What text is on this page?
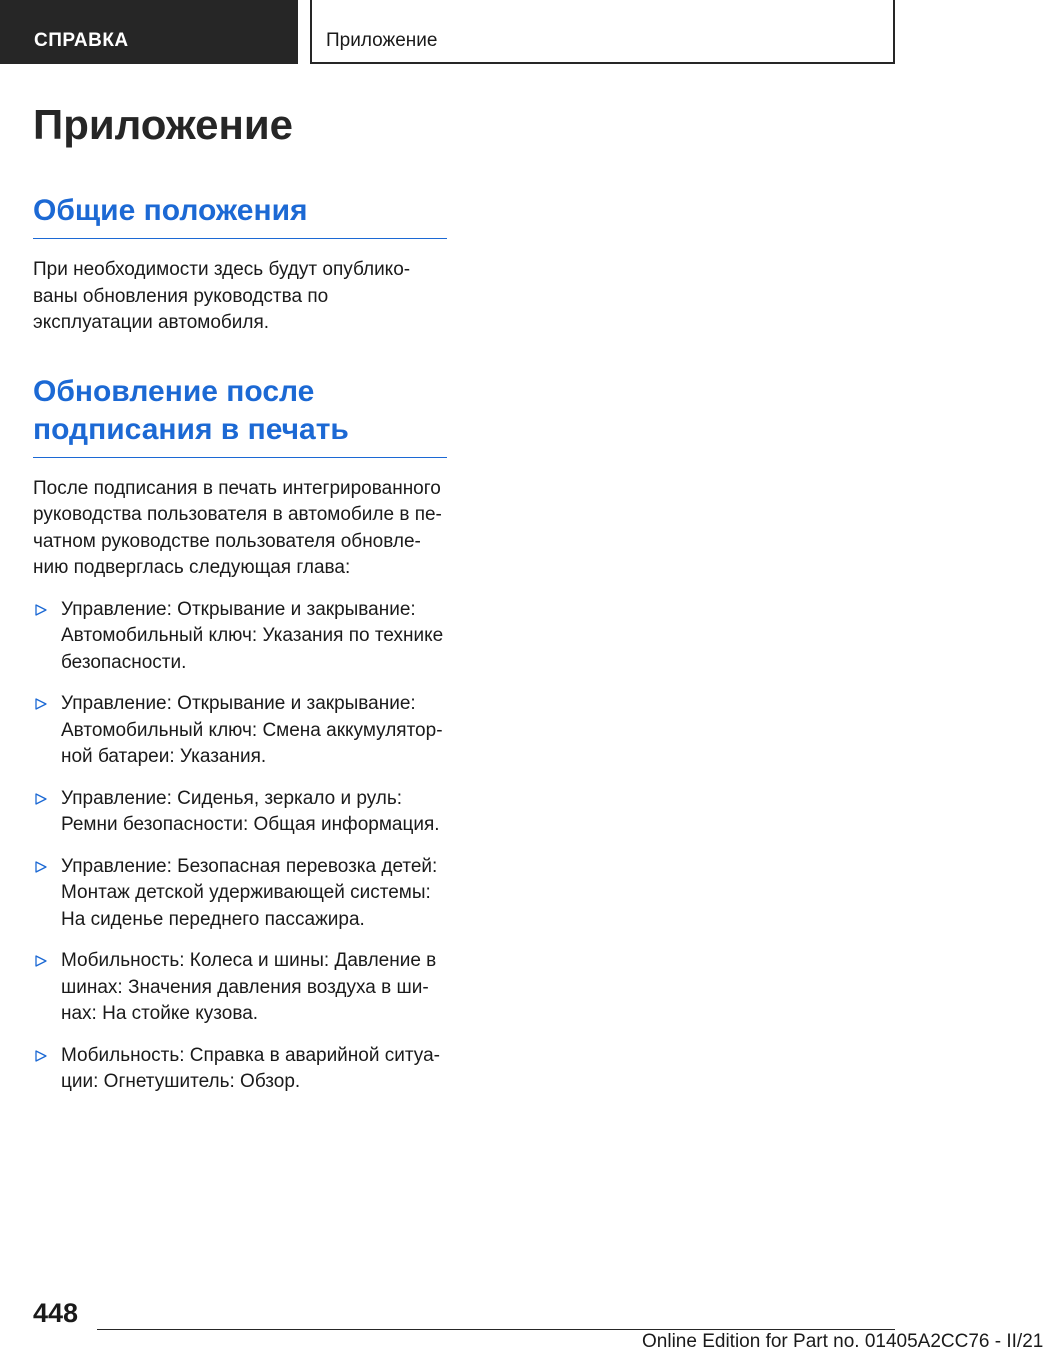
СПРАВКА	Приложение
Приложение
Общие положения

При необходимости здесь будут опублико-ваны обновления руководства по эксплуатации автомобиля.

Обновление после подписания в печать

После подписания в печать интегрированного руководства пользователя в автомобиле в пе-чатном руководстве пользователя обновле-нию подверглась следующая глава:

Управление: Открывание и закрывание: Автомобильный ключ: Указания по технике безопасности.
Управление: Открывание и закрывание: Автомобильный ключ: Смена аккумулятор-ной батареи: Указания.
Управление: Сиденья, зеркало и руль: Ремни безопасности: Общая информация.
Управление: Безопасная перевозка детей: Монтаж детской удерживающей системы: На сиденье переднего пассажира.
Мобильность: Колеса и шины: Давление в шинах: Значения давления воздуха в ши-нах: На стойке кузова.
Мобильность: Справка в аварийной ситуа-ции: Огнетушитель: Обзор.
448
Online Edition for Part no. 01405A2CC76 - II/21
